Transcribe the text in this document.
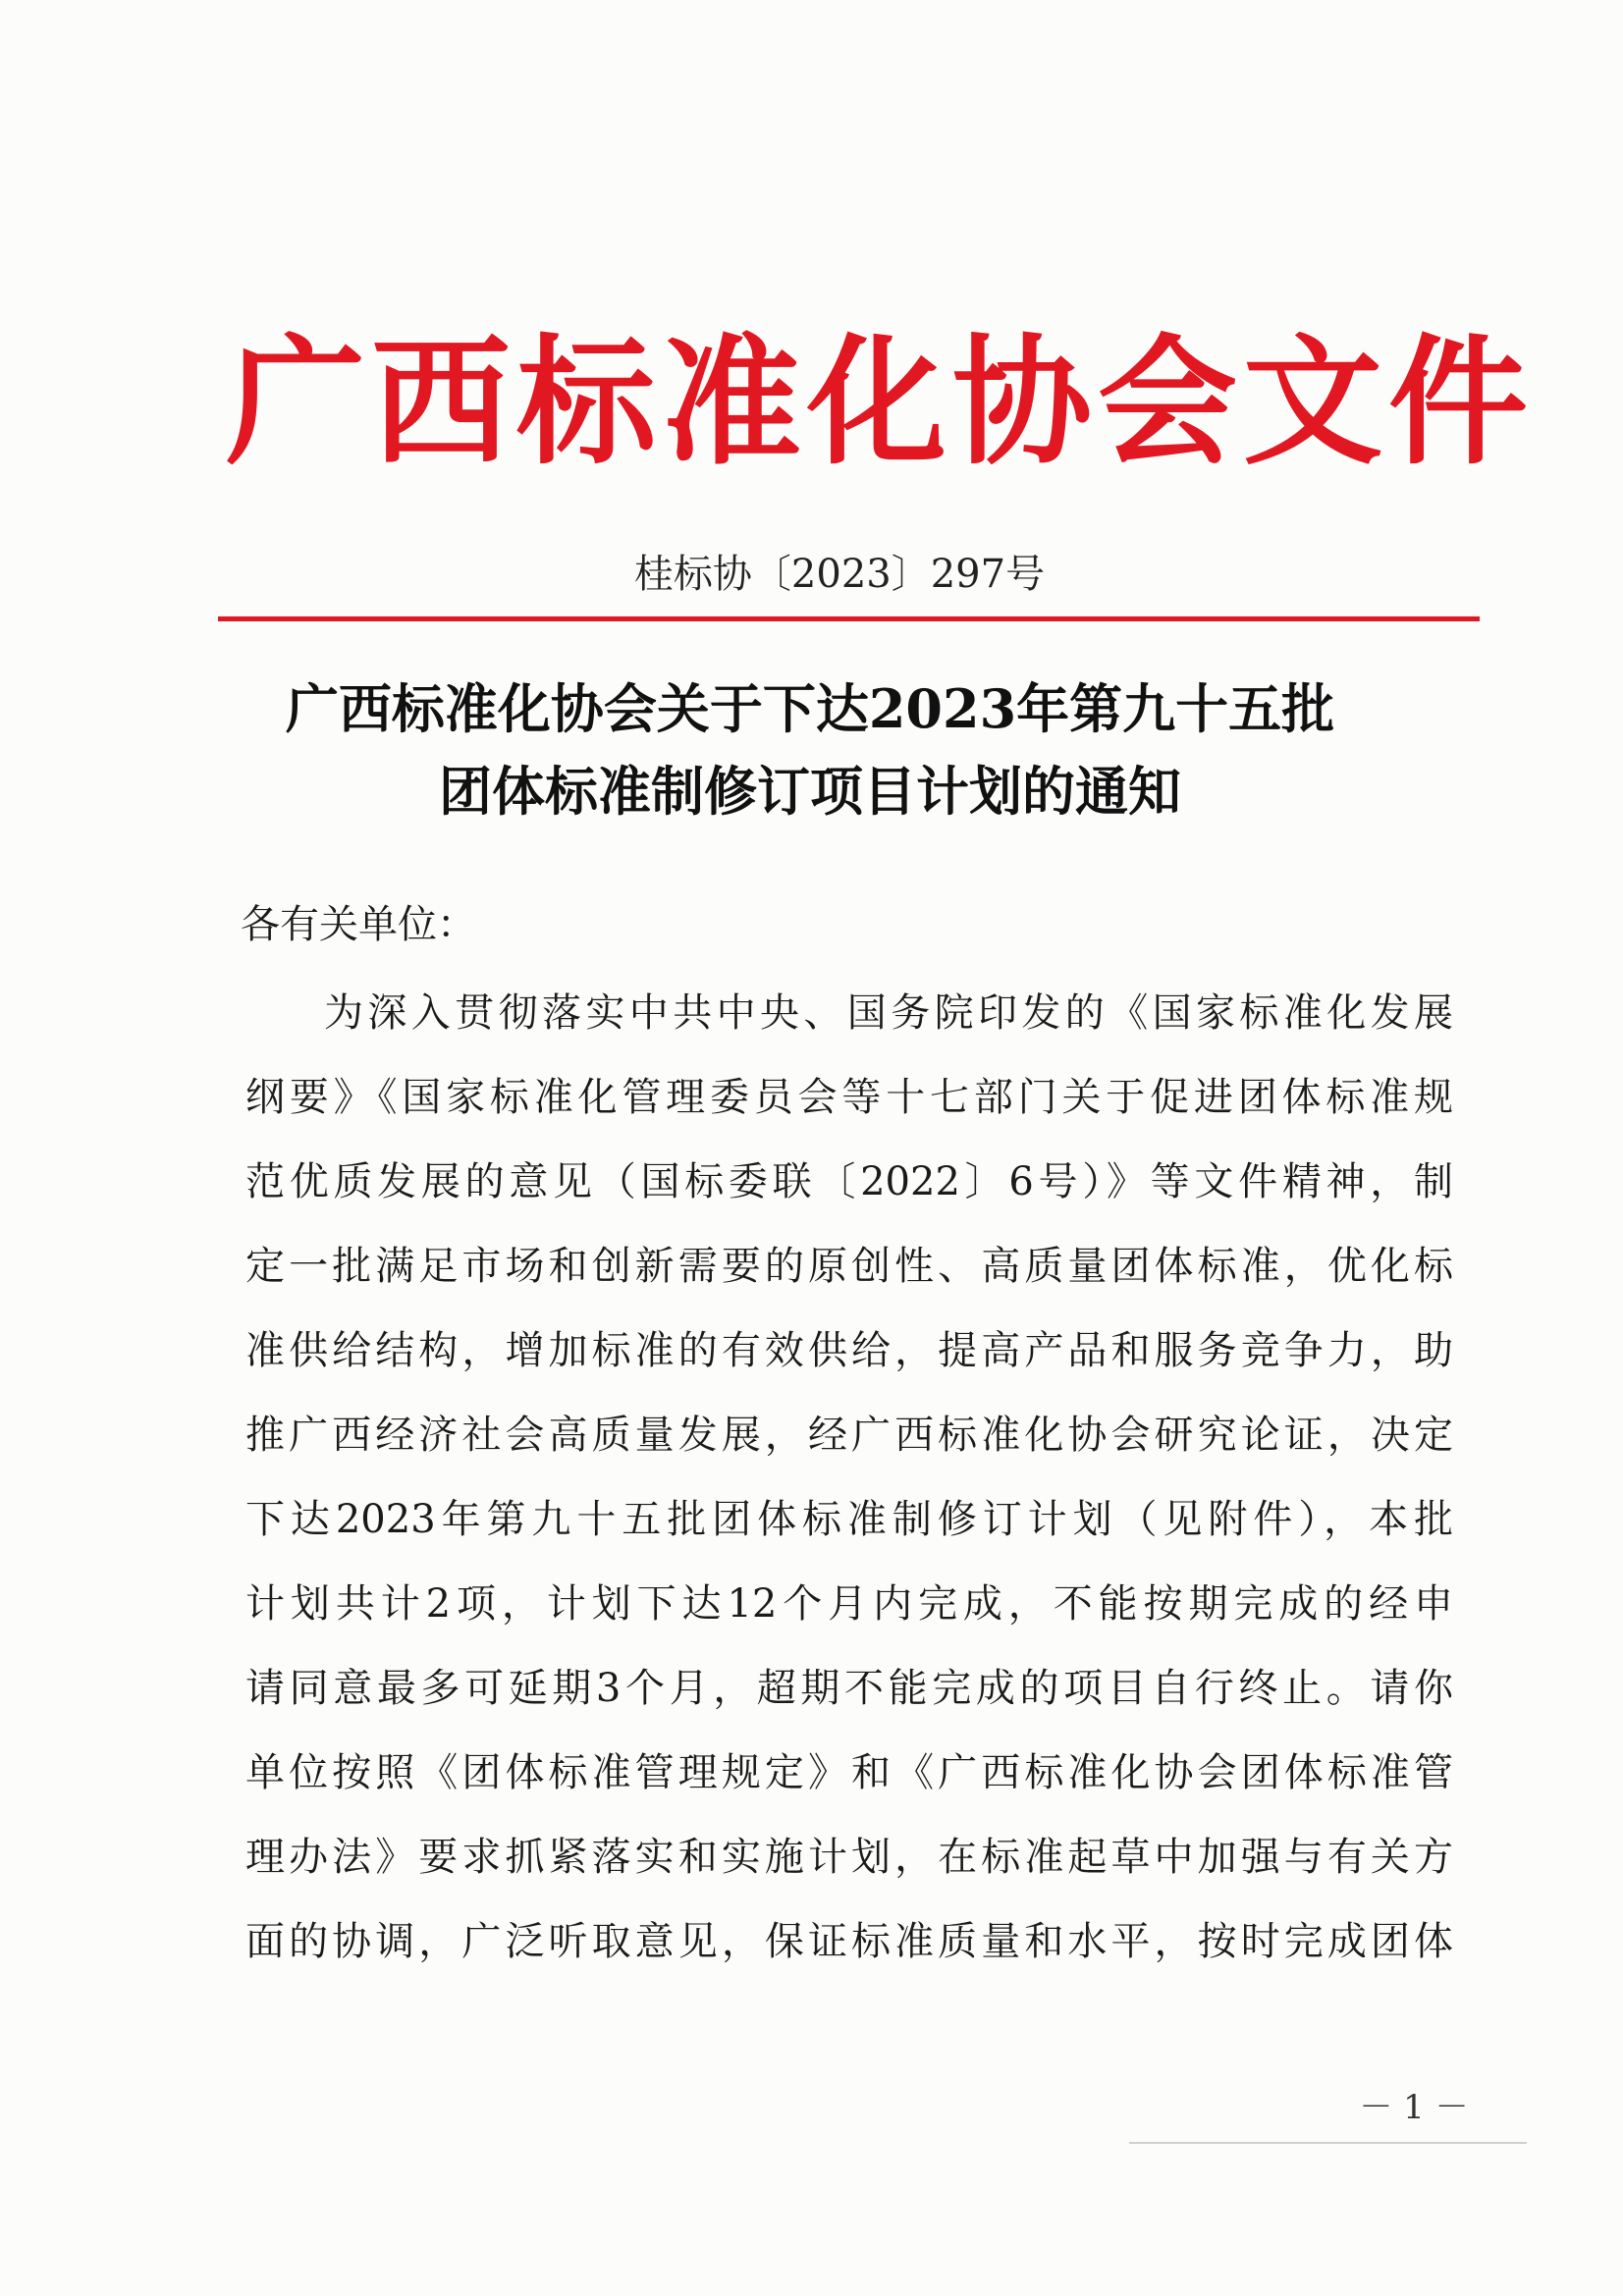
广西标准化协会文件
桂标协〔2023〕297号
广西标准化协会关于下达2023年第九十五批
团体标准制修订项目计划的通知
各有关单位：
为深入贯彻落实中共中央、国务院印发的《国家标准化发展
纲要》《国家标准化管理委员会等十七部门关于促进团体标准规
范优质发展的意见（国标委联〔2022〕6号）》等文件精神，制
定一批满足市场和创新需要的原创性、高质量团体标准，优化标
准供给结构，增加标准的有效供给，提高产品和服务竞争力，助
推广西经济社会高质量发展，经广西标准化协会研究论证，决定
下达2023年第九十五批团体标准制修订计划（见附件），本批
计划共计2项，计划下达12个月内完成，不能按期完成的经申
请同意最多可延期3个月，超期不能完成的项目自行终止。请你
单位按照《团体标准管理规定》和《广西标准化协会团体标准管
理办法》要求抓紧落实和实施计划，在标准起草中加强与有关方
面的协调，广泛听取意见，保证标准质量和水平，按时完成团体
－ 1 －
